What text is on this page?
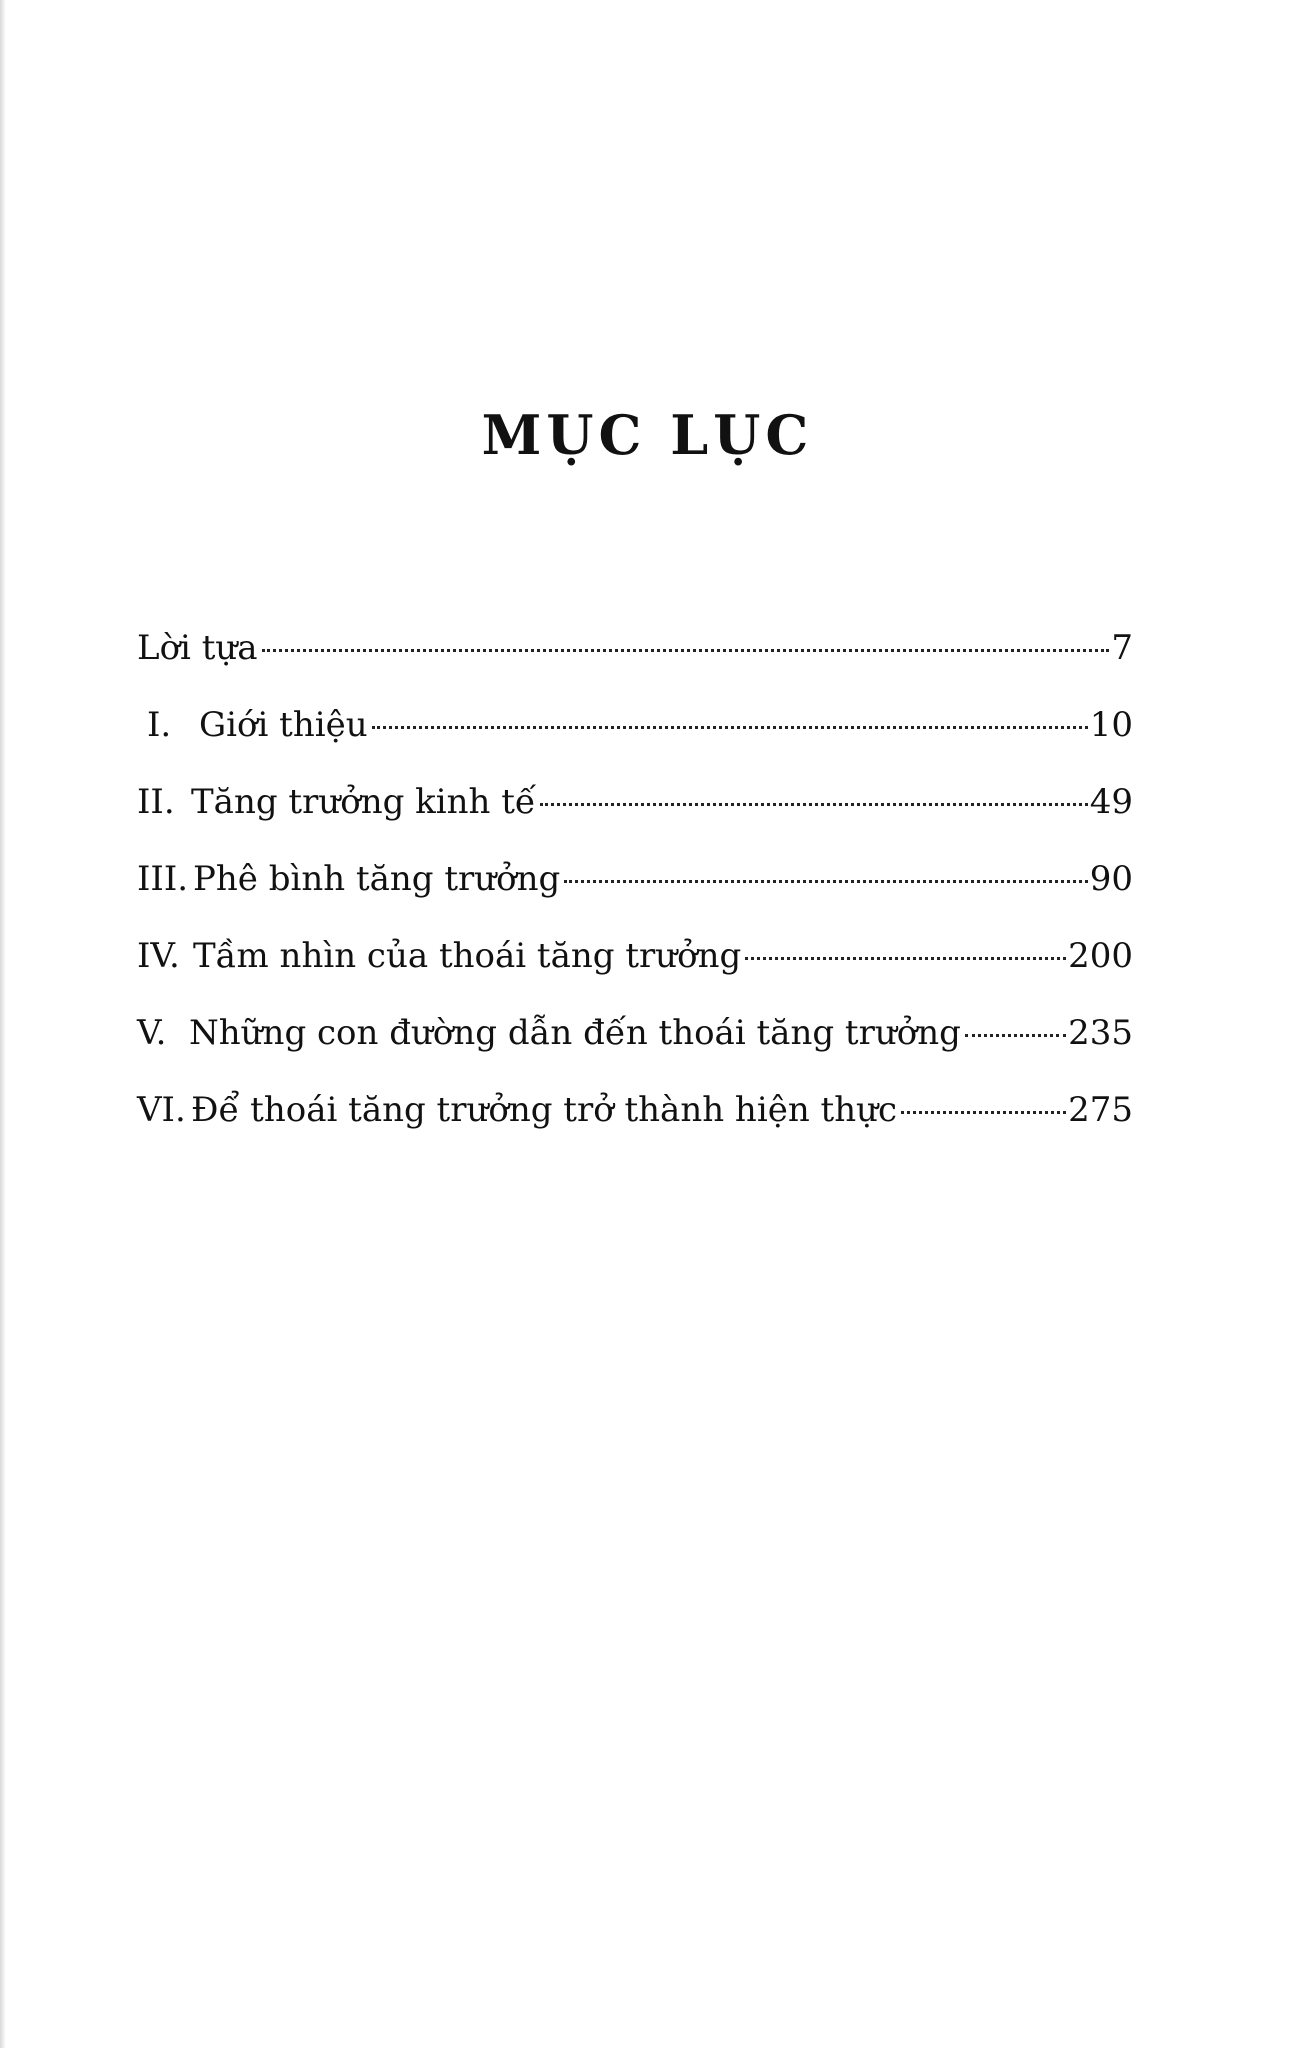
MỤC LỤC
Lời tựa	7
I. Giới thiệu	10
II. Tăng trưởng kinh tế	49
III. Phê bình tăng trưởng	90
IV. Tầm nhìn của thoái tăng trưởng	200
V. Những con đường dẫn đến thoái tăng trưởng	235
VI. Để thoái tăng trưởng trở thành hiện thực	275
